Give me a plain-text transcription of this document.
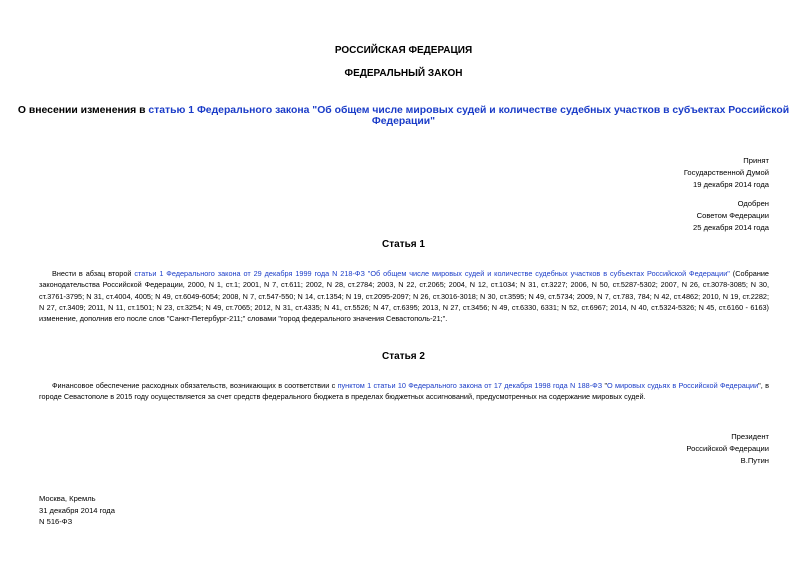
РОССИЙСКАЯ ФЕДЕРАЦИЯ
ФЕДЕРАЛЬНЫЙ ЗАКОН
О внесении изменения в статью 1 Федерального закона "Об общем числе мировых судей и количестве судебных участков в субъектах Российской Федерации"
Принят
Государственной Думой
19 декабря 2014 года
Одобрен
Советом Федерации
25 декабря 2014 года
Статья 1
Внести в абзац второй статьи 1 Федерального закона от 29 декабря 1999 года N 218-ФЗ "Об общем числе мировых судей и количестве судебных участков в субъектах Российской Федерации" (Собрание законодательства Российской Федерации, 2000, N 1, ст.1; 2001, N 7, ст.611; 2002, N 28, ст.2784; 2003, N 22, ст.2065; 2004, N 12, ст.1034; N 31, ст.3227; 2006, N 50, ст.5287-5302; 2007, N 26, ст.3078-3085; N 30, ст.3761-3795; N 31, ст.4004, 4005; N 49, ст.6049-6054; 2008, N 7, ст.547-550; N 14, ст.1354; N 19, ст.2095-2097; N 26, ст.3016-3018; N 30, ст.3595; N 49, ст.5734; 2009, N 7, ст.783, 784; N 42, ст.4862; 2010, N 19, ст.2282; N 27, ст.3409; 2011, N 11, ст.1501; N 23, ст.3254; N 49, ст.7065; 2012, N 31, ст.4335; N 41, ст.5526; N 47, ст.6395; 2013, N 27, ст.3456; N 49, ст.6330, 6331; N 52, ст.6967; 2014, N 40, ст.5324-5326; N 45, ст.6160 - 6163) изменение, дополнив его после слов "Санкт-Петербург-211;" словами "город федерального значения Севастополь-21;".
Статья 2
Финансовое обеспечение расходных обязательств, возникающих в соответствии с пунктом 1 статьи 10 Федерального закона от 17 декабря 1998 года N 188-ФЗ "О мировых судьях в Российской Федерации", в городе Севастополе в 2015 году осуществляется за счет средств федерального бюджета в пределах бюджетных ассигнований, предусмотренных на содержание мировых судей.
Президент
Российской Федерации
В.Путин
Москва, Кремль
31 декабря 2014 года
N 516-ФЗ
